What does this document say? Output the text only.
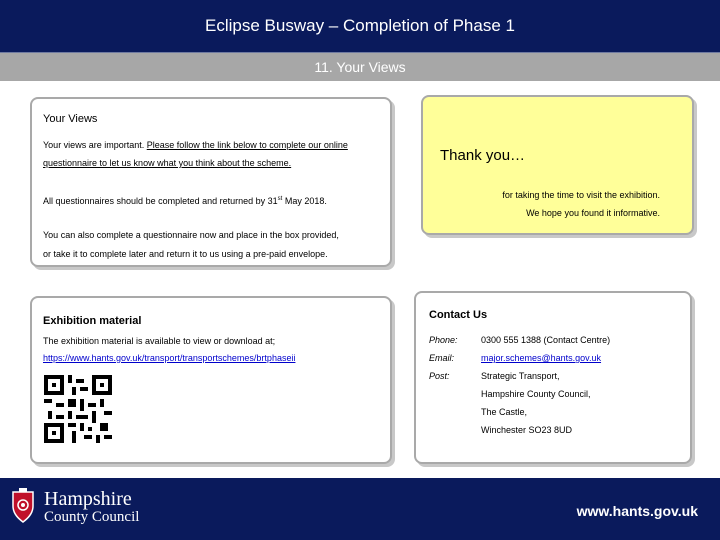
Eclipse Busway – Completion of Phase 1
11. Your Views
Your Views
Your views are important. Please follow the link below to complete our online
questionnaire to let us know what you think about the scheme.
All questionnaires should be completed and returned by 31st May 2018.
You can also complete a questionnaire now and place in the box provided,
or take it to complete later and return it to us using a pre-paid envelope.
Thank you…
for taking the time to visit the exhibition.
We hope you found it informative.
Exhibition material
The exhibition material is available to view or download at;
https://www.hants.gov.uk/transport/transportschemes/brtphaseii
Contact Us
Phone:	0300 555 1388 (Contact Centre)
Email:	major.schemes@hants.gov.uk
Post:	Strategic Transport,
Hampshire County Council,
The Castle,
Winchester SO23 8UD
Hampshire
County Council	www.hants.gov.uk
